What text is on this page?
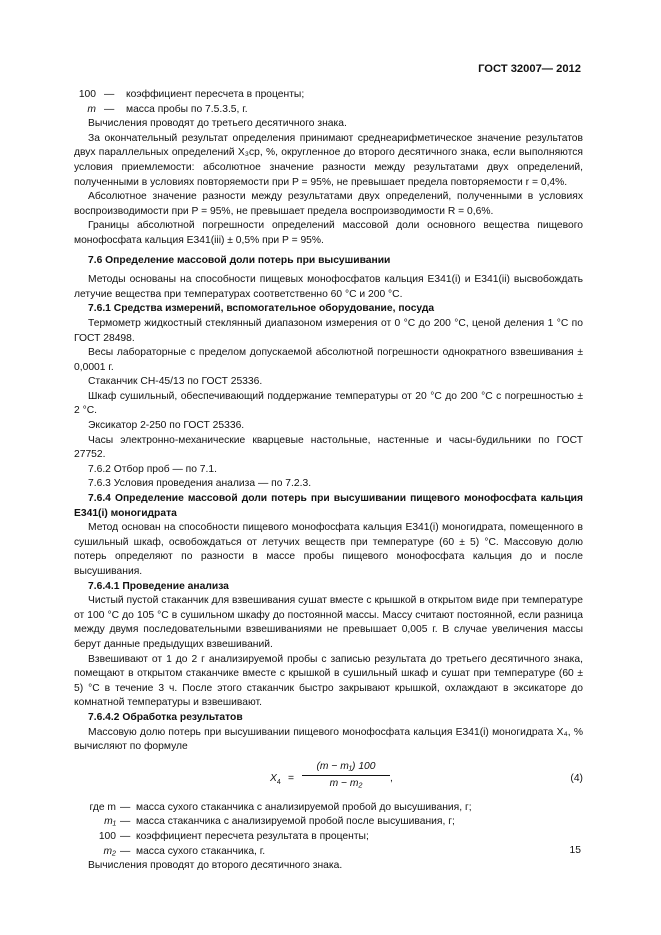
ГОСТ 32007— 2012
100 —	коэффициент пересчета в проценты;
m —	масса пробы по 7.5.3.5, г.

Вычисления проводят до третьего десятичного знака.

За окончательный результат определения принимают среднеарифметическое значение результатов двух параллельных определений X₃ср, %, округленное до второго десятичного знака, если выполняются условия приемлемости: абсолютное значение разности между результатами двух определений, полученными в условиях повторяемости при P = 95%, не превышает предела повторяемости r = 0,4%.

Абсолютное значение разности между результатами двух определений, полученными в условиях воспроизводимости при P = 95%, не превышает предела воспроизводимости R = 0,6%.

Границы абсолютной погрешности определений массовой доли основного вещества пищевого монофосфата кальция Е341(iii) ± 0,5% при P = 95%.

7.6 Определение массовой доли потерь при высушивании

Методы основаны на способности пищевых монофосфатов кальция Е341(i) и Е341(ii) высвобождать летучие вещества при температурах соответственно 60 °С и 200 °С.

7.6.1 Средства измерений, вспомогательное оборудование, посуда

Термометр жидкостный стеклянный диапазоном измерения от 0 °С до 200 °С, ценой деления 1 °С по ГОСТ 28498.

Весы лабораторные с пределом допускаемой абсолютной погрешности однократного взвешивания ± 0,0001 г.

Стаканчик СН-45/13 по ГОСТ 25336.

Шкаф сушильный, обеспечивающий поддержание температуры от 20 °С до 200 °С с погрешностью ± 2 °С.

Эксикатор 2-250 по ГОСТ 25336.

Часы электронно-механические кварцевые настольные, настенные и часы-будильники по ГОСТ 27752.

7.6.2 Отбор проб — по 7.1.

7.6.3 Условия проведения анализа — по 7.2.3.

7.6.4 Определение массовой доли потерь при высушивании пищевого монофосфата кальция Е341(i) моногидрата

Метод основан на способности пищевого монофосфата кальция Е341(i) моногидрата, помещенного в сушильный шкаф, освобождаться от летучих веществ при температуре (60 ± 5) °С. Массовую долю потерь определяют по разности в массе пробы пищевого монофосфата кальция до и после высушивания.

7.6.4.1 Проведение анализа

Чистый пустой стаканчик для взвешивания сушат вместе с крышкой в открытом виде при температуре от 100 °С до 105 °С в сушильном шкафу до постоянной массы. Массу считают постоянной, если разница между двумя последовательными взвешиваниями не превышает 0,005 г. В случае увеличения массы берут данные предыдущих взвешиваний.

Взвешивают от 1 до 2 г анализируемой пробы с записью результата до третьего десятичного знака, помещают в открытом стаканчике вместе с крышкой в сушильный шкаф и сушат при температуре (60 ± 5) °С в течение 3 ч. После этого стаканчик быстро закрывают крышкой, охлаждают в эксикаторе до комнатной температуры и взвешивают.

7.6.4.2 Обработка результатов

Массовую долю потерь при высушивании пищевого монофосфата кальция Е341(i) моногидрата X₄, % вычисляют по формуле

$X_4 = \frac{\text{(m − m₁) 100}}{\text{m − m₂}}$ ,	(4)
где m — масса сухого стаканчика с анализируемой пробой до высушивания, г;
m₁ — масса стаканчика с анализируемой пробой после высушивания, г;
100 — коэффициент пересчета результата в проценты;
m₂ — масса сухого стаканчика, г.

Вычисления проводят до второго десятичного знака.

15
